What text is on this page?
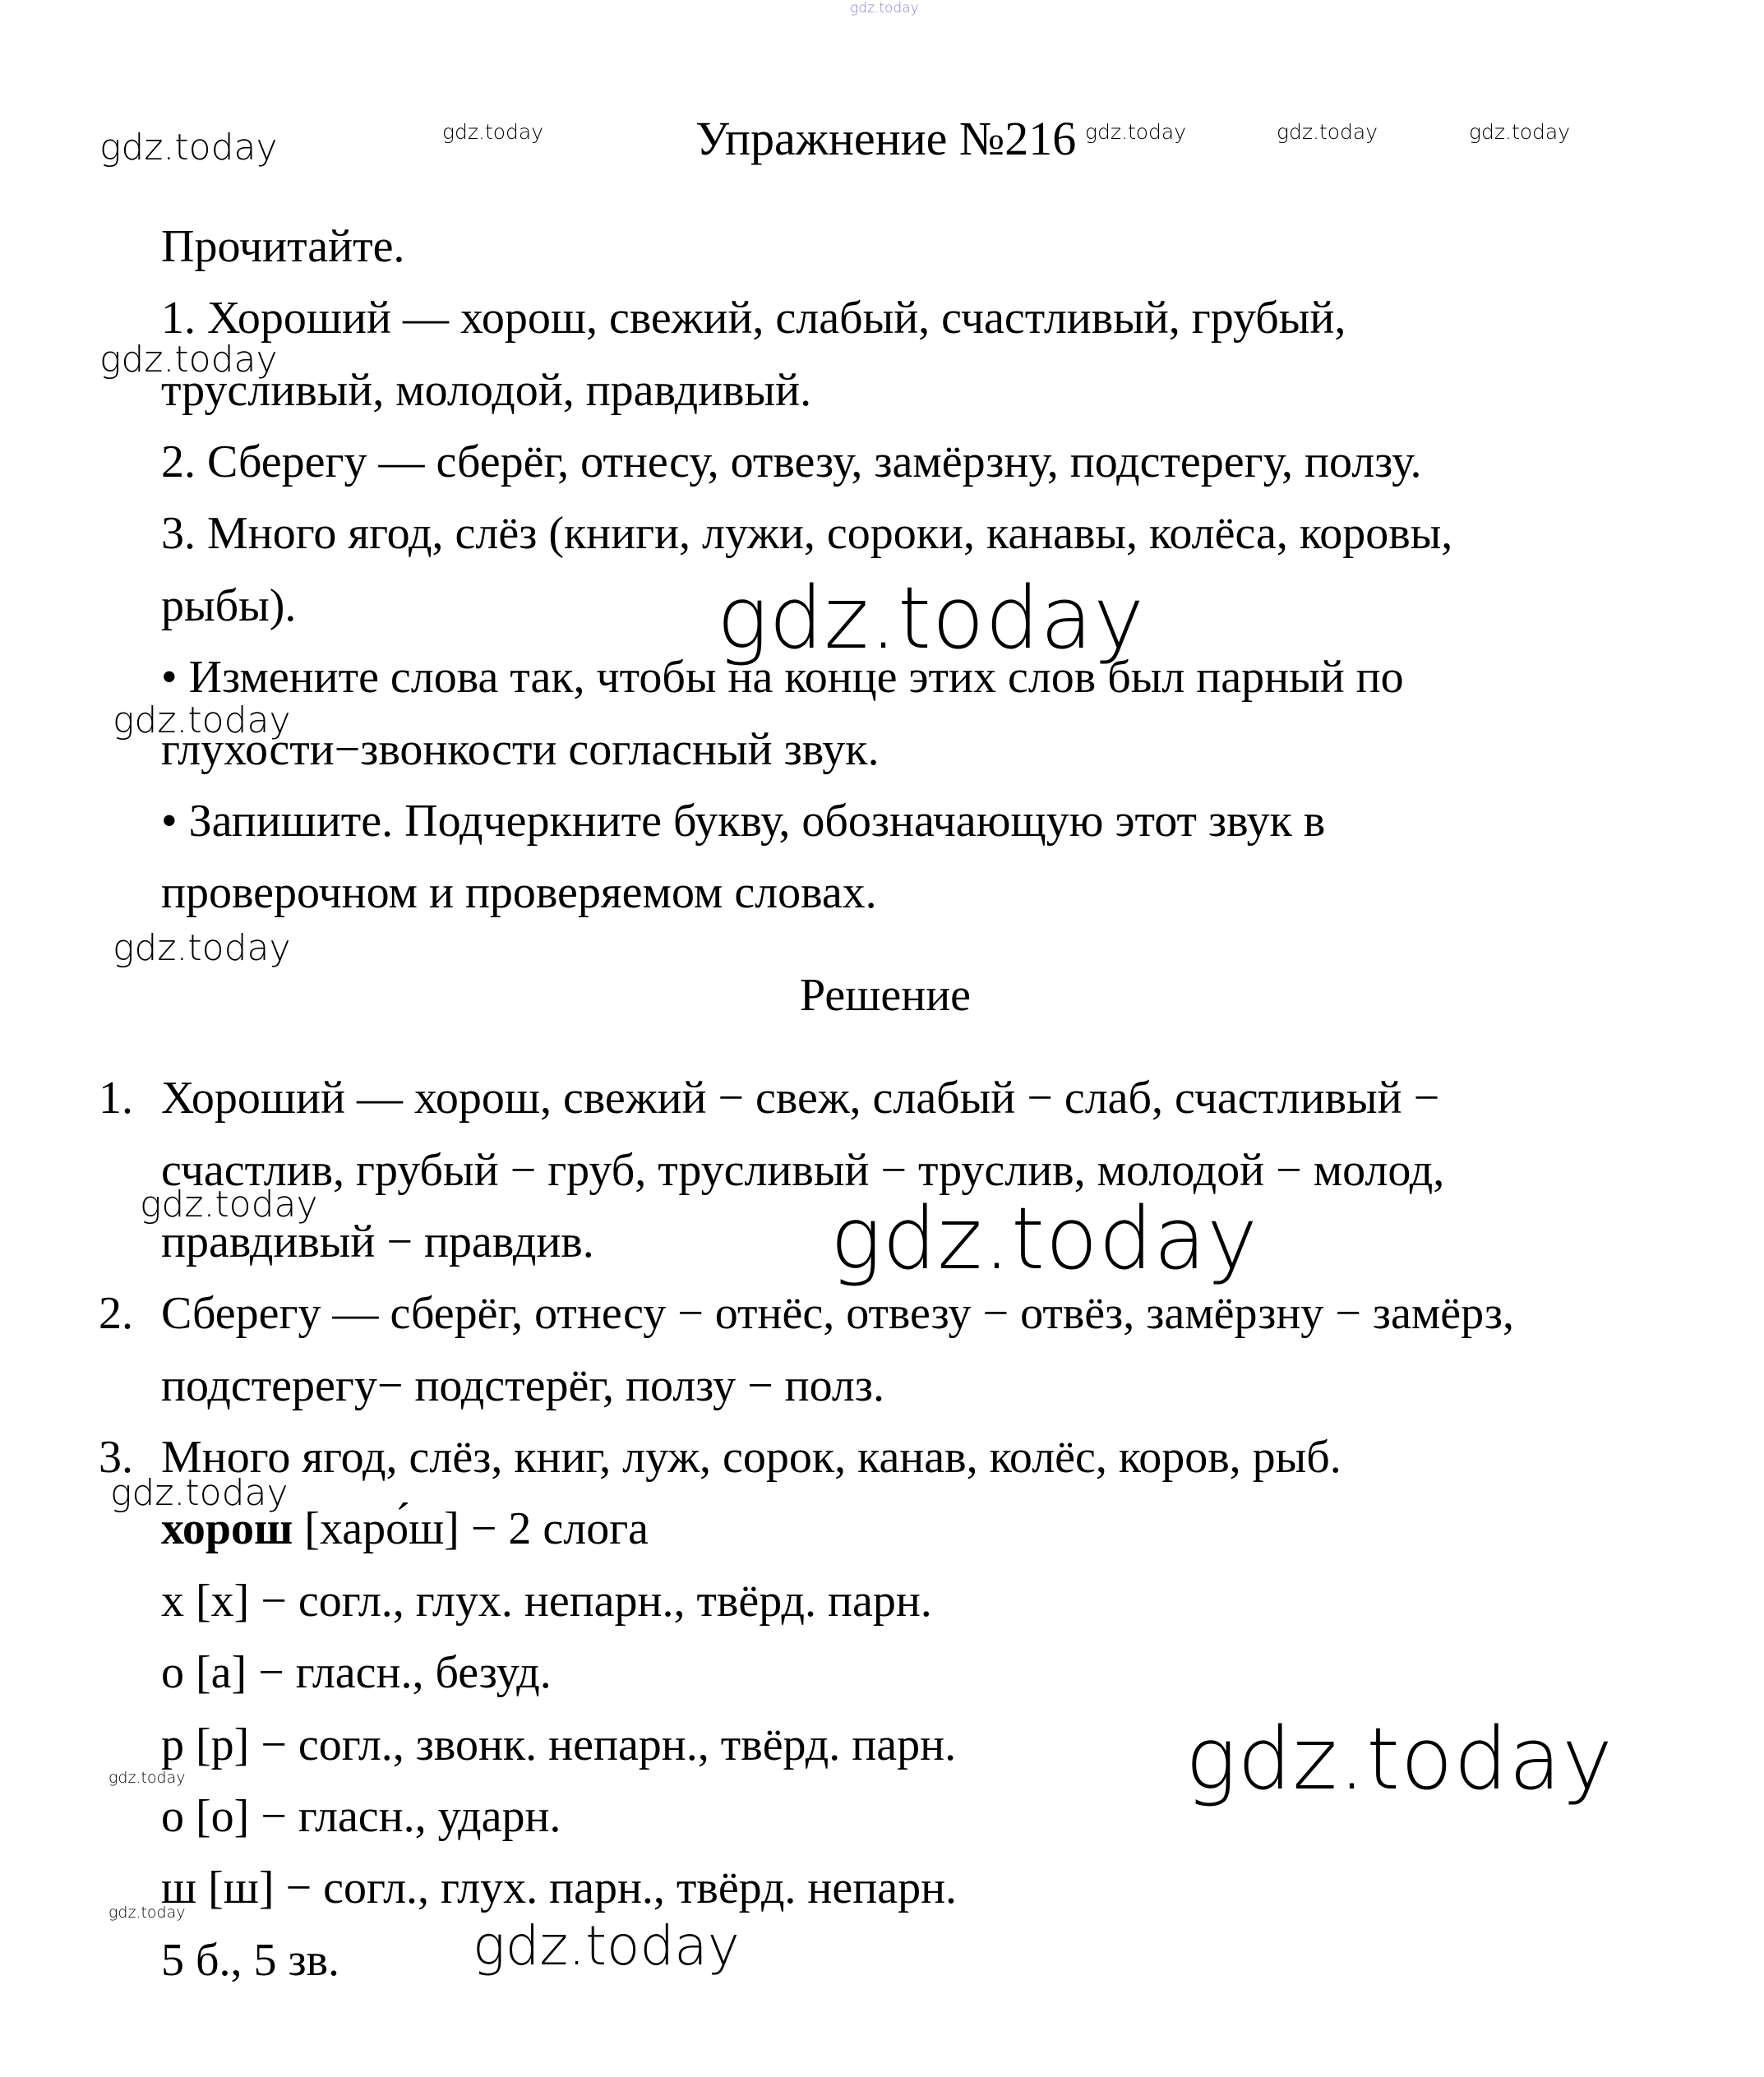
gdz.today
gdz.today	gdz.today	gdz.today	gdz.today	gdz.today
gdz.today
gdz.today
gdz.today
gdz.today
gdz.today	gdz.today
gdz.today
gdz.today
gdz.today
gdz.today
gdz.today
Упражнение №216
Прочитайте.
1. Хороший — хорош, свежий, слабый, счастливый, грубый,
трусливый, молодой, правдивый.
2. Сберегу — сберёг, отнесу, отвезу, замёрзну, подстерегу, ползу.
3. Много ягод, слёз (книги, лужи, сороки, канавы, колёса, коровы,
рыбы).
• Измените слова так, чтобы на конце этих слов был парный по
глухости−звонкости согласный звук.
• Запишите. Подчеркните букву, обозначающую этот звук в
проверочном и проверяемом словах.
Решение
1. Хороший — хорош, свежий − свеж, слабый − слаб, счастливый −
счастлив, грубый − груб, трусливый − труслив, молодой − молод,
правдивый − правдив.
2. Сберегу — сберёг, отнесу − отнёс, отвезу − отвёз, замёрзну − замёрз,
подстерегу− подстерёг, ползу − полз.
3. Много ягод, слёз, книг, луж, сорок, канав, колёс, коров, рыб.
хорош [харо́ш] − 2 слога
х [х] − согл., глух. непарн., твёрд. парн.
о [а] − гласн., безуд.
р [р] − согл., звонк. непарн., твёрд. парн.
о [о] − гласн., ударн.
ш [ш] − согл., глух. парн., твёрд. непарн.
5 б., 5 зв.
